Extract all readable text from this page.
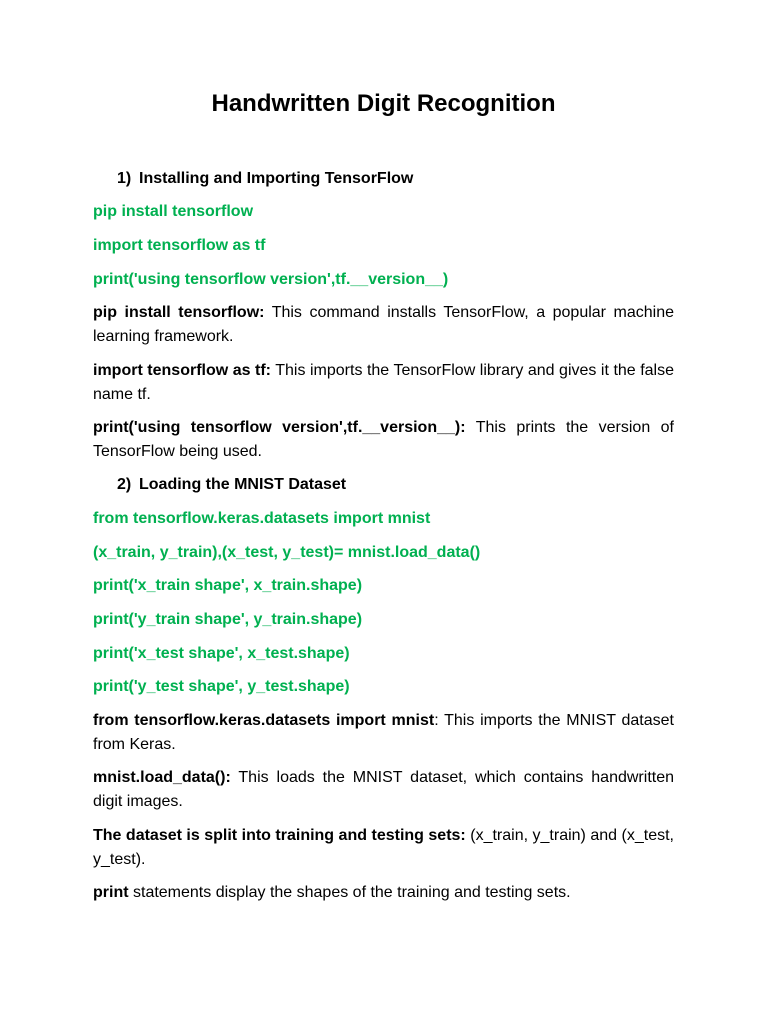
Handwritten Digit Recognition
1) Installing and Importing TensorFlow

pip install tensorflow

import tensorflow as tf

print('using tensorflow version',tf.__version__)

pip install tensorflow: This command installs TensorFlow, a popular machine learning framework.

import tensorflow as tf: This imports the TensorFlow library and gives it the false name tf.

print('using tensorflow version',tf.__version__): This prints the version of TensorFlow being used.

2) Loading the MNIST Dataset

from tensorflow.keras.datasets import mnist

(x_train, y_train),(x_test, y_test)= mnist.load_data()

print('x_train shape', x_train.shape)

print('y_train shape', y_train.shape)

print('x_test shape', x_test.shape)

print('y_test shape', y_test.shape)

from tensorflow.keras.datasets import mnist: This imports the MNIST dataset from Keras.

mnist.load_data(): This loads the MNIST dataset, which contains handwritten digit images.

The dataset is split into training and testing sets: (x_train, y_train) and (x_test, y_test).

print statements display the shapes of the training and testing sets.
